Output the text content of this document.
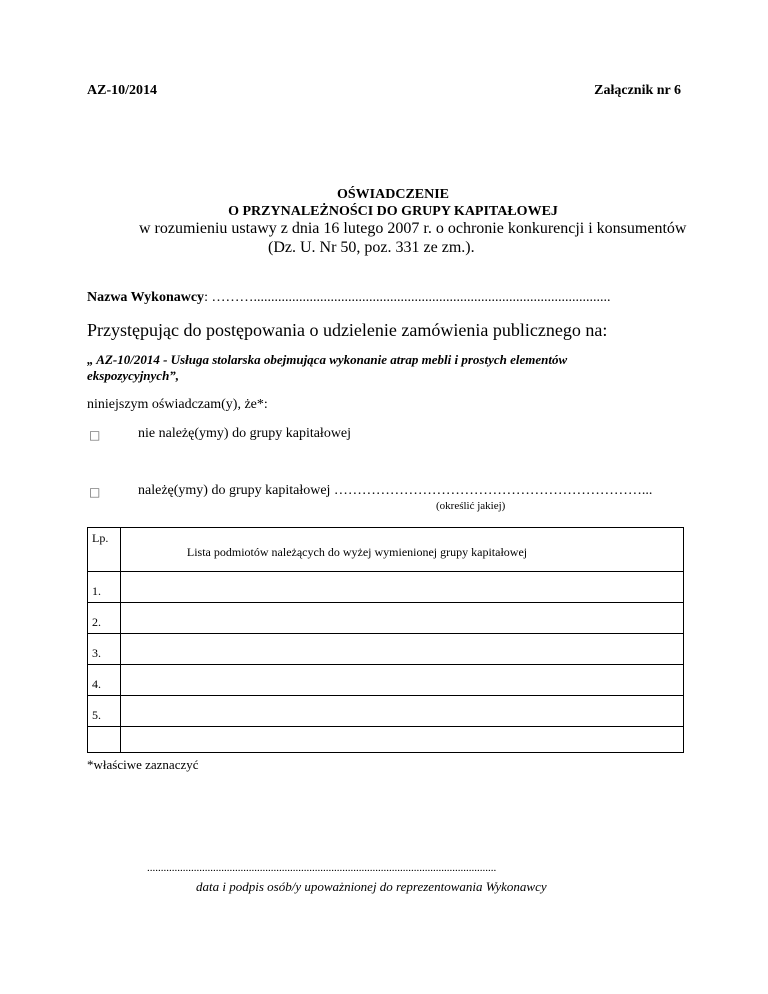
AZ-10/2014	Załącznik nr 6
OŚWIADCZENIE
O PRZYNALEŻNOŚCI DO GRUPY KAPITAŁOWEJ
w rozumieniu ustawy z dnia 16 lutego 2007 r. o ochronie konkurencji i konsumentów
(Dz. U. Nr 50, poz. 331 ze zm.).
Nazwa Wykonawcy: ………......................................................................................................
Przystępując do postępowania o udzielenie zamówienia publicznego na:
„ AZ-10/2014 - Usługa stolarska obejmująca wykonanie atrap mebli i prostych elementów
ekspozycyjnych”,
niniejszym oświadczam(y), że*:
□	nie należę(ymy) do grupy kapitałowej
□	należę(ymy) do grupy kapitałowej …………………………………………………………...
(określić jakiej)
Lp.	Lista podmiotów należących do wyżej wymienionej grupy kapitałowej
1.	
2.	
3.	
4.	
5.	

*właściwe zaznaczyć
...............................................................................................................................
data i podpis osób/y upoważnionej do reprezentowania Wykonawcy
